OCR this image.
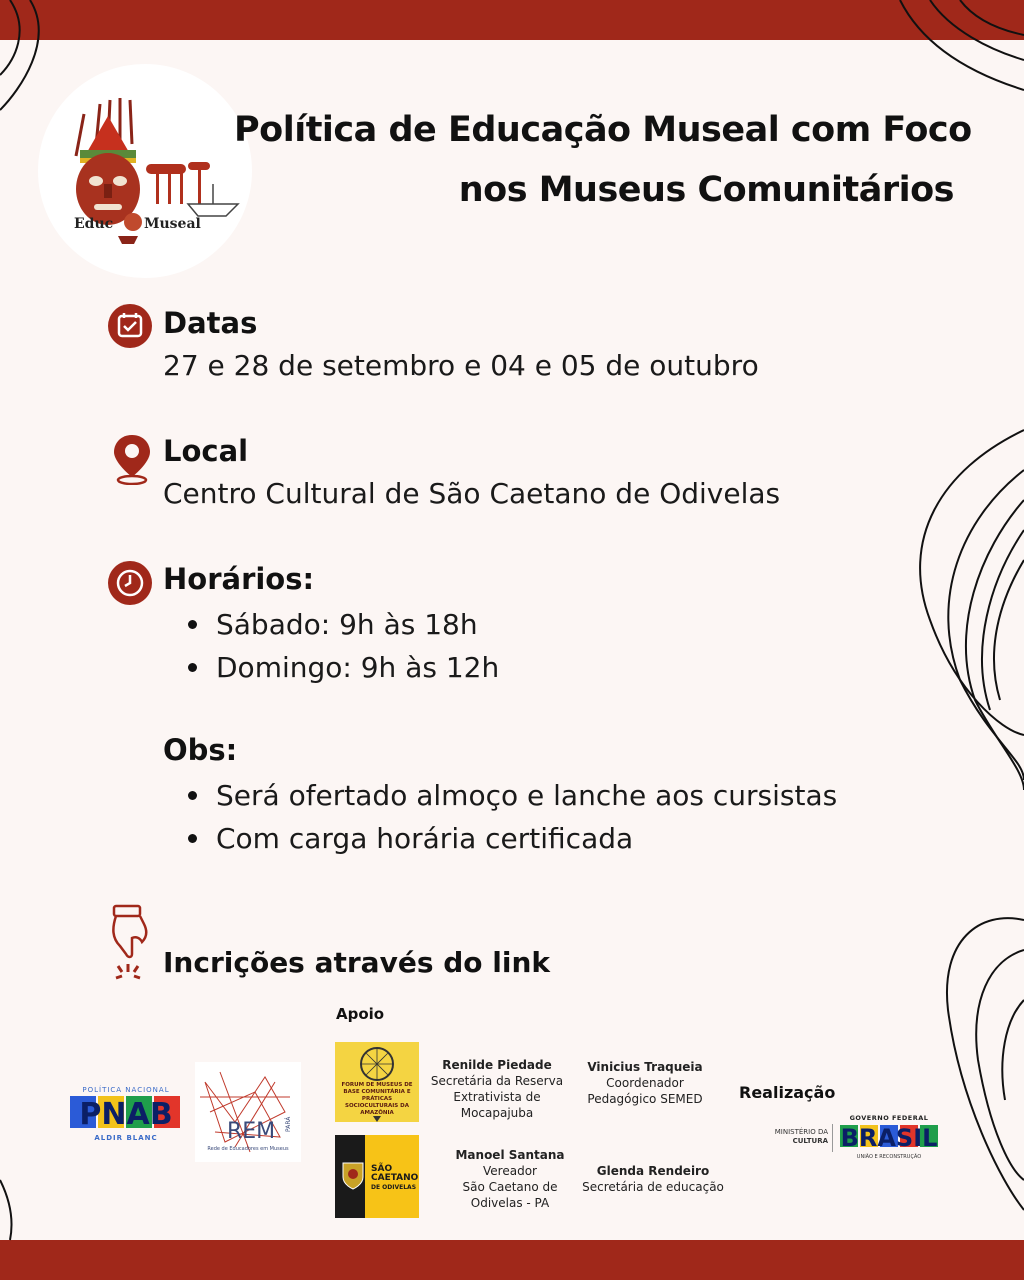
Educ Museal
Política de Educação Museal com Foco
nos Museus Comunitários
Datas
27 e 28 de setembro e 04 e 05 de outubro
Local
Centro Cultural de São Caetano de Odivelas
Horários:
Sábado: 9h às 18h
Domingo: 9h às 12h
Obs:
Será ofertado almoço e lanche aos cursistas
Com carga horária certificada
Incrições através do link
Apoio
POLÍTICA NACIONAL
PNAB
ALDIR BLANC	REM PARÁ
Rede de Educadores em Museus
FÓRUM DE MUSEUS DE BASE COMUNITÁRIA E PRÁTICAS SOCIOCULTURAIS DA AMAZÔNIA
SÃO
CAETANO
DE ODIVELAS
Renilde Piedade
Secretária da Reserva
Extrativista de
Mocapajuba
Vinicius Traqueia
Coordenador
Pedagógico SEMED
Manoel Santana
Vereador
São Caetano de
Odivelas - PA
Glenda Rendeiro
Secretária de educação
Realização
MINISTÉRIO DA
CULTURA
GOVERNO FEDERAL
BRASIL
UNIÃO E RECONSTRUÇÃO
